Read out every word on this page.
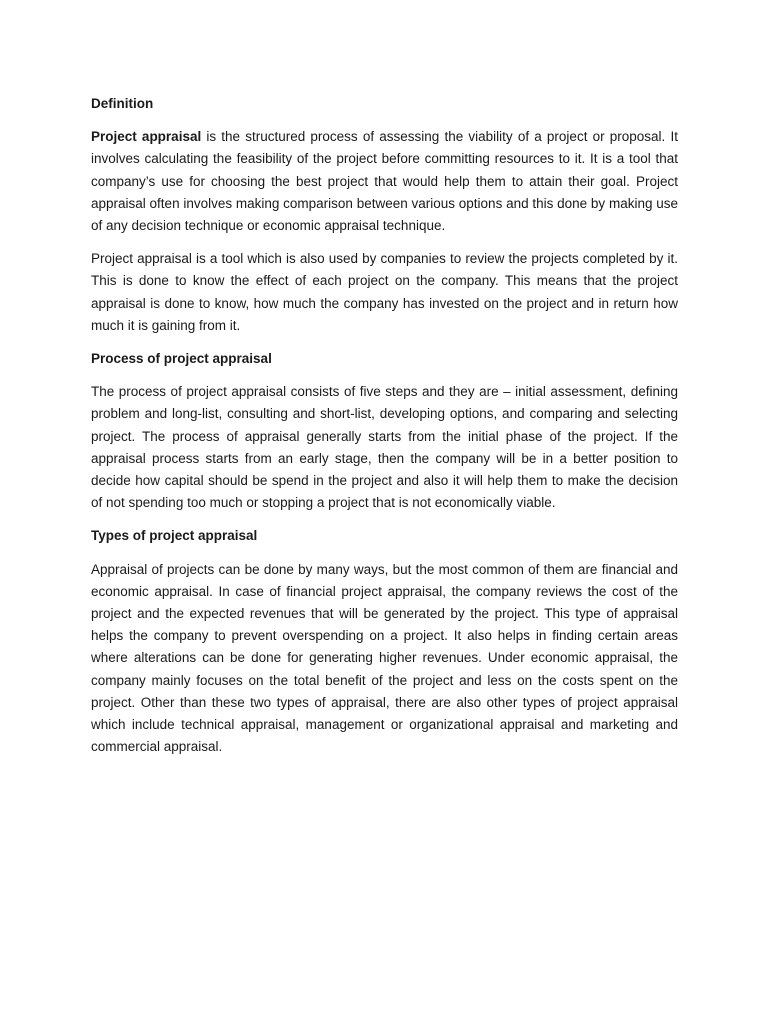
Definition

Project appraisal is the structured process of assessing the viability of a project or proposal. It involves calculating the feasibility of the project before committing resources to it. It is a tool that company’s use for choosing the best project that would help them to attain their goal. Project appraisal often involves making comparison between various options and this done by making use of any decision technique or economic appraisal technique.

Project appraisal is a tool which is also used by companies to review the projects completed by it. This is done to know the effect of each project on the company. This means that the project appraisal is done to know, how much the company has invested on the project and in return how much it is gaining from it.

Process of project appraisal

The process of project appraisal consists of five steps and they are – initial assessment, defining problem and long-list, consulting and short-list, developing options, and comparing and selecting project. The process of appraisal generally starts from the initial phase of the project. If the appraisal process starts from an early stage, then the company will be in a better position to decide how capital should be spend in the project and also it will help them to make the decision of not spending too much or stopping a project that is not economically viable.

Types of project appraisal

Appraisal of projects can be done by many ways, but the most common of them are financial and economic appraisal. In case of financial project appraisal, the company reviews the cost of the project and the expected revenues that will be generated by the project. This type of appraisal helps the company to prevent overspending on a project. It also helps in finding certain areas where alterations can be done for generating higher revenues. Under economic appraisal, the company mainly focuses on the total benefit of the project and less on the costs spent on the project. Other than these two types of appraisal, there are also other types of project appraisal which include technical appraisal, management or organizational appraisal and marketing and commercial appraisal.
